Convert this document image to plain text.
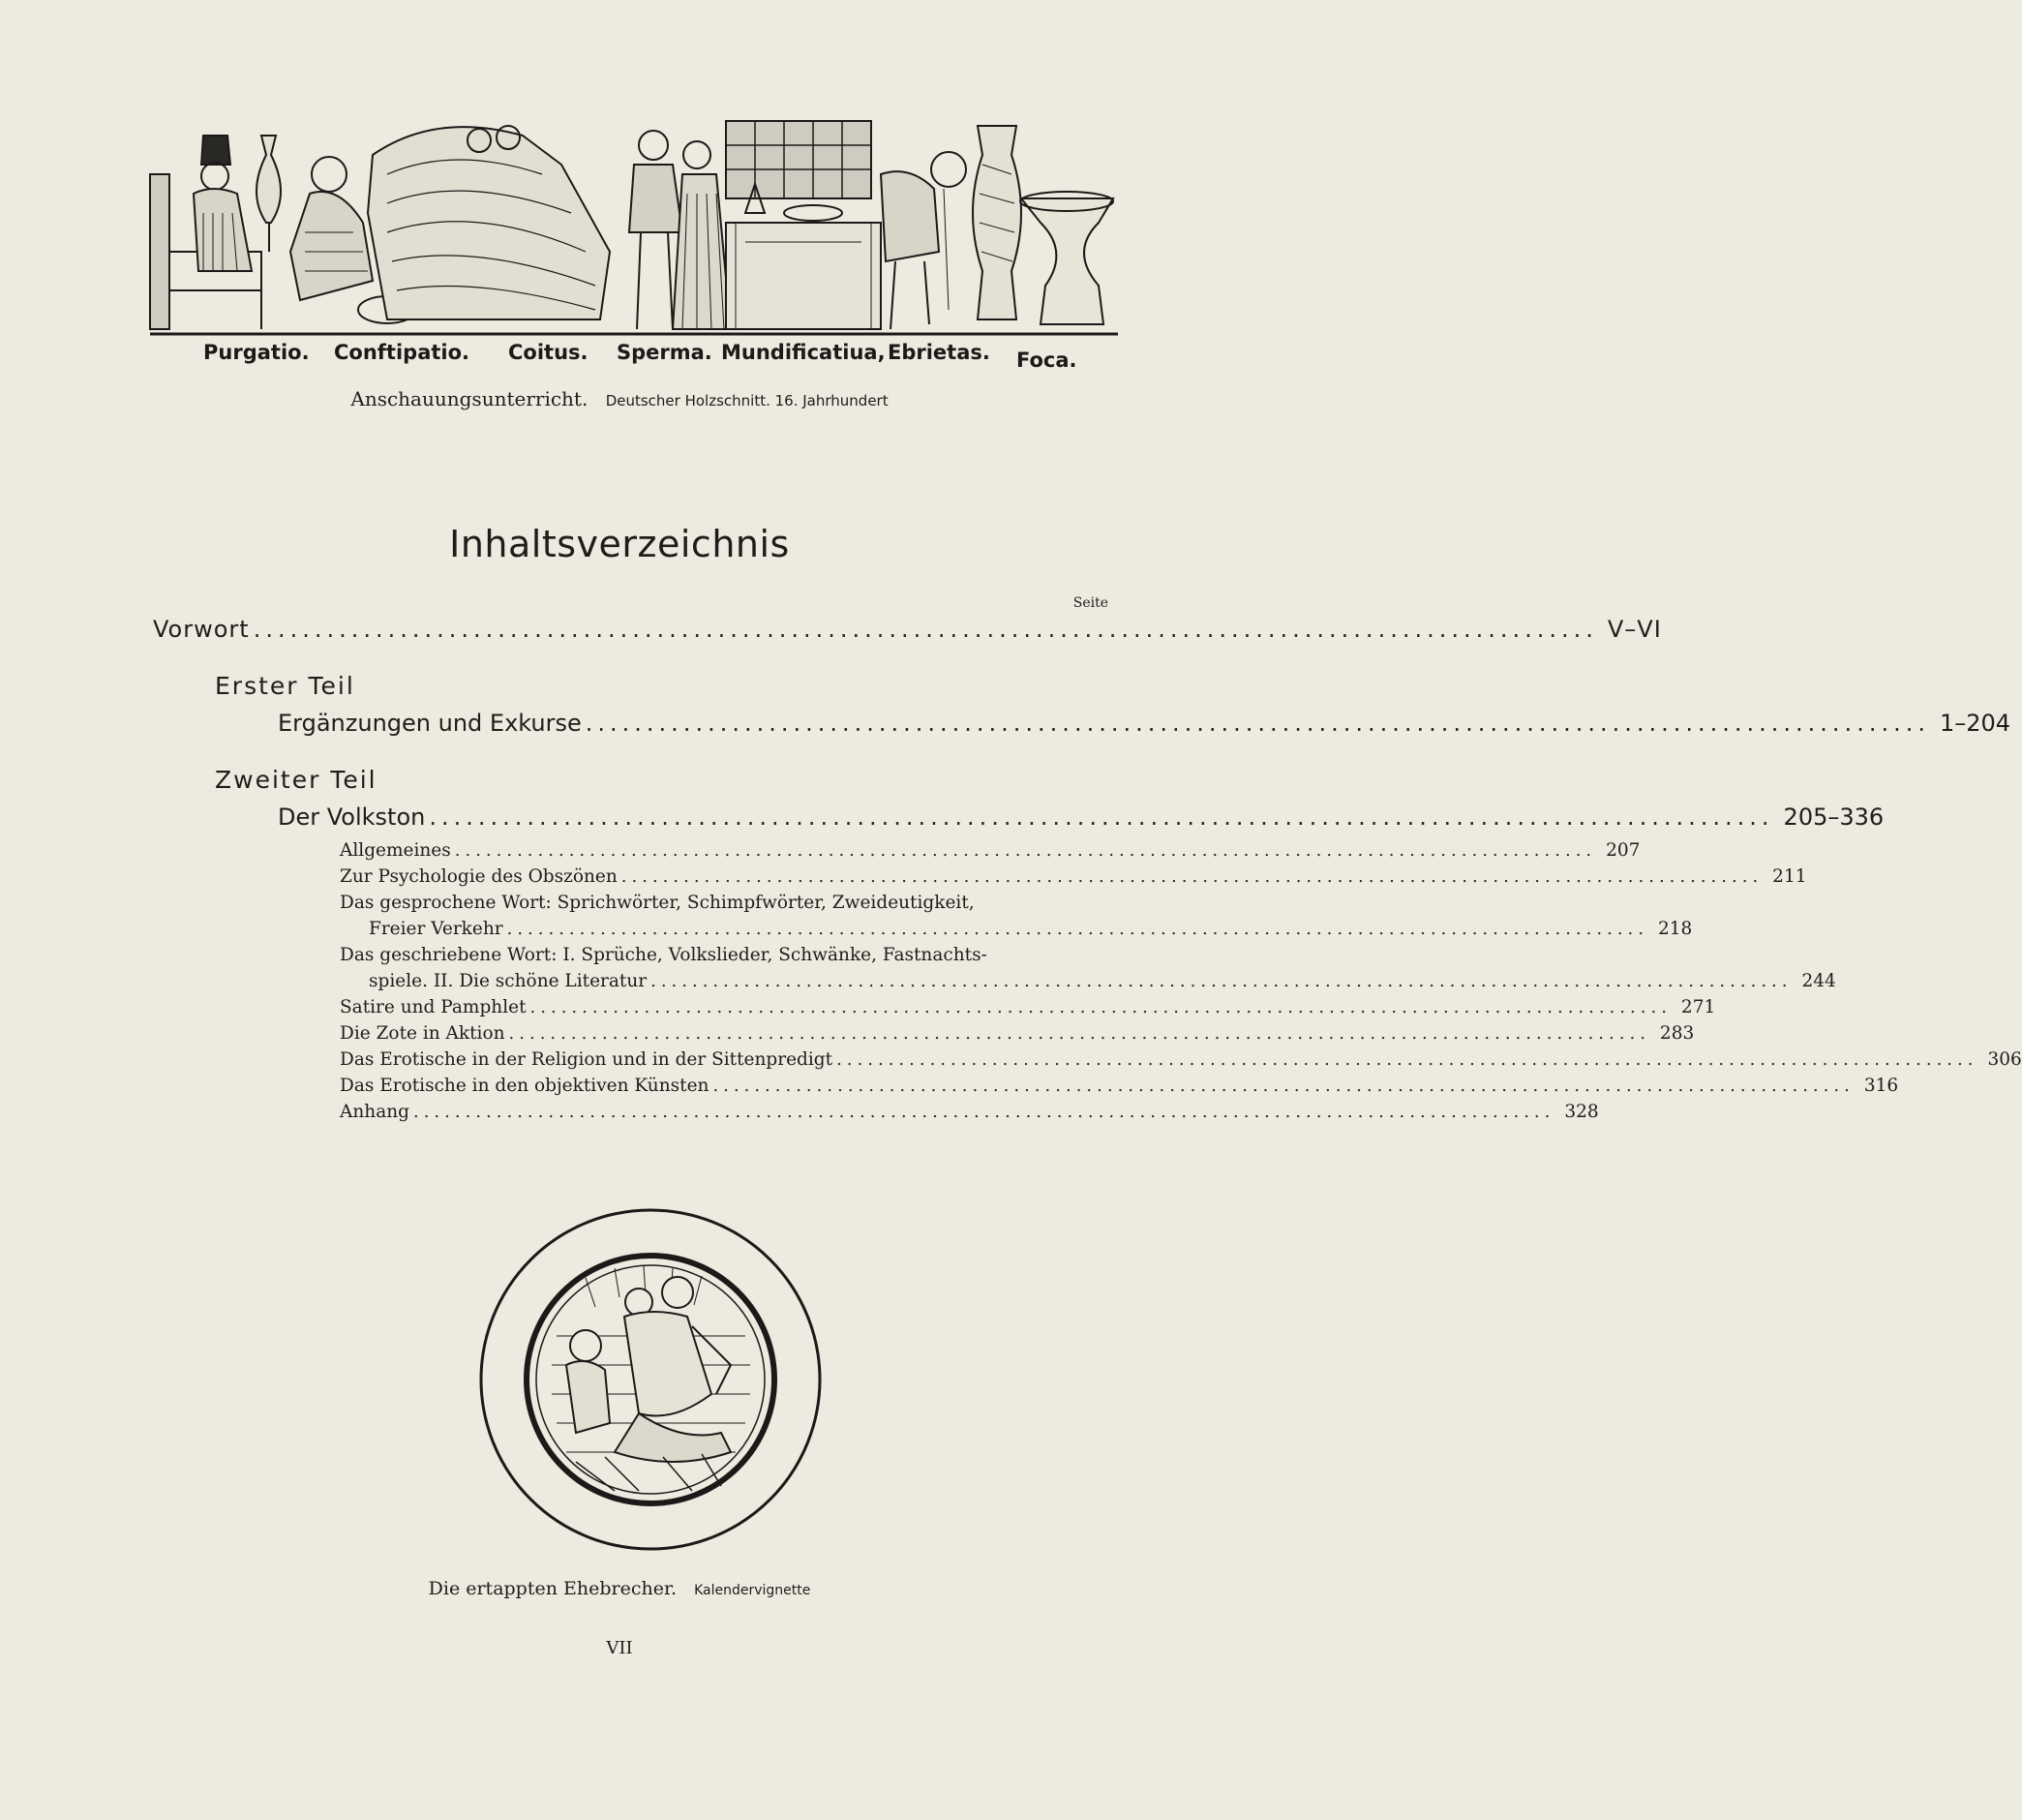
Purgatio. Conftipatio. Coitus. Sperma. Mundificatiua, Ebrietas. Foca.
Anschauungsunterricht. Deutscher Holzschnitt. 16. Jahrhundert
Inhaltsverzeichnis
Seite
Vorwort .............................................................................................................. V–VI
Erster Teil
Ergänzungen und Exkurse .............................................................................................................. 1–204
Zweiter Teil
Der Volkston .............................................................................................................. 205–336
Allgemeines .............................................................................................................. 207
Zur Psychologie des Obszönen .............................................................................................................. 211
Das gesprochene Wort: Sprichwörter, Schimpfwörter, Zweideutigkeit,
Freier Verkehr .............................................................................................................. 218
Das geschriebene Wort: I. Sprüche, Volkslieder, Schwänke, Fastnachts-
spiele. II. Die schöne Literatur .............................................................................................................. 244
Satire und Pamphlet .............................................................................................................. 271
Die Zote in Aktion .............................................................................................................. 283
Das Erotische in der Religion und in der Sittenpredigt .............................................................................................................. 306
Das Erotische in den objektiven Künsten .............................................................................................................. 316
Anhang .............................................................................................................. 328
Die ertappten Ehebrecher. Kalendervignette
VII
